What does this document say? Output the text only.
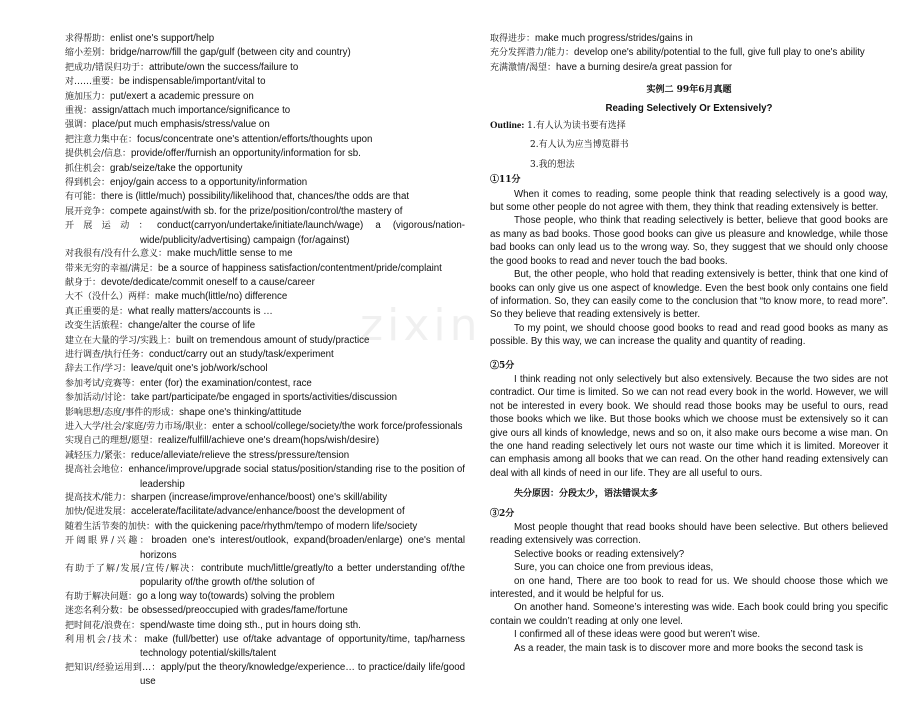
zixin
求得帮助：enlist one's support/help
缩小差别：bridge/narrow/fill the gap/gulf (between city and country)
把成功/错误归功于：attribute/own the success/failure to
对……重要：be indispensable/important/vital to
施加压力：put/exert a academic pressure on
重视：assign/attach much importance/significance to
强调：place/put much emphasis/stress/value on
把注意力集中在：focus/concentrate one's attention/efforts/thoughts upon
提供机会/信息：provide/offer/furnish an opportunity/information for sb.
抓住机会：grab/seize/take the opportunity
得到机会：enjoy/gain access to a opportunity/information
有可能：there is (little/much) possibility/likelihood that, chances/the odds are that
展开竞争：compete against/with sb. for the prize/position/control/the mastery of
开展运动：conduct(carryon/undertake/initiate/launch/wage) a (vigorous/nation-wide/publicity/advertising) campaign (for/against)
对我很有/没有什么意义：make much/little sense to me
带来无穷的幸福/满足：be a source of happiness satisfaction/contentment/pride/complaint
献身于：devote/dedicate/commit oneself to a cause/career
大不（没什么）两样：make much(little/no) difference
真正重要的是：what really matters/accounts is …
改变生活旅程：change/alter the course of life
建立在大量的学习/实践上：built on tremendous amount of study/practice
进行调查/执行任务：conduct/carry out an study/task/experiment
辞去工作/学习：leave/quit one's job/work/school
参加考试/竞赛等：enter (for) the examination/contest, race
参加活动/讨论：take part/participate/be engaged in sports/activities/discussion
影响思想/态度/事件的形成：shape one's thinking/attitude
进入大学/社会/家庭/劳力市场/职业：enter a school/college/society/the work force/professionals
实现自己的理想/愿望：realize/fulfill/achieve one's dream(hops/wish/desire)
减轻压力/紧张：reduce/alleviate/relieve the stress/pressure/tension
提高社会地位：enhance/improve/upgrade social status/position/standing rise to the position of leadership
提高技术/能力：sharpen (increase/improve/enhance/boost) one's skill/ability
加快/促进发展：accelerate/facilitate/advance/enhance/boost the development of
随着生活节奏的加快：with the quickening pace/rhythm/tempo of modern life/society
开阔眼界/兴趣：broaden one's interest/outlook, expand(broaden/enlarge) one's mental horizons
有助于了解/发展/宣传/解决：contribute much/little/greatly/to a better understanding of/the popularity of/the growth of/the solution of
有助于解决问题：go a long way to(towards) solving the problem
迷恋名利分数：be obsessed/preoccupied with grades/fame/fortune
把时间花/浪费在：spend/waste time doing sth., put in hours doing sth.
利用机会/技术：make (full/better) use of/take advantage of opportunity/time, tap/harness technology potential/skills/talent
把知识/经验运用到…：apply/put the theory/knowledge/experience… to practice/daily life/good use
取得进步：make much progress/strides/gains in
充分发挥潜力/能力：develop one's ability/potential to the full, give full play to one's ability
充满激情/渴望：have a burning desire/a great passion for
实例二 99年6月真题
Reading Selectively Or Extensively?
Outline: 1.有人认为读书要有选择
2.有人认为应当博览群书
3.我的想法
①11分
When it comes to reading, some people think that reading selectively is a good way, but some other people do not agree with them, they think that reading extensively is better.
Those people, who think that reading selectively is better, believe that good books are as many as bad books. Those good books can give us pleasure and knowledge, while those bad books can only lead us to the wrong way. So, they suggest that we should only choose the good books to read and never touch the bad books.
But, the other people, who hold that reading extensively is better, think that one kind of books can only give us one aspect of knowledge. Even the best book only contains one field of information. So, they can easily come to the conclusion that “to know more, to read more”. So they believe that reading extensively is better.
To my point, we should choose good books to read and read good books as many as possible. By this way, we can increase the quality and quantity of reading.
②5分
I think reading not only selectively but also extensively. Because the two sides are not contradict. Our time is limited. So we can not read every book in the world. However, we will not be interested in every book. We should read those books may be useful to ours, read those books which we like. But those books which we choose must be extensively so it can give ours all kinds of knowledge, news and so on, it also make ours become a wise man. On the one hand reading selectively let ours not waste our time which it is limited. Moreover it can emphasis among all books that we can read. On the other hand reading extensively can deal with all kinds of need in our life. They are all useful to ours.
失分原因：分段太少，语法错误太多
③2分
Most people thought that read books should have been selective. But others believed reading extensively was correction.
Selective books or reading extensively?
Sure, you can choice one from previous ideas,
on one hand, There are too book to read for us. We should choose those which we interested, and it would be helpful for us.
On another hand. Someone’s interesting was wide. Each book could bring you specific contain we couldn’t reading at only one level.
I confirmed all of these ideas were good but weren’t wise.
As a reader, the main task is to discover more and more books the second task is
